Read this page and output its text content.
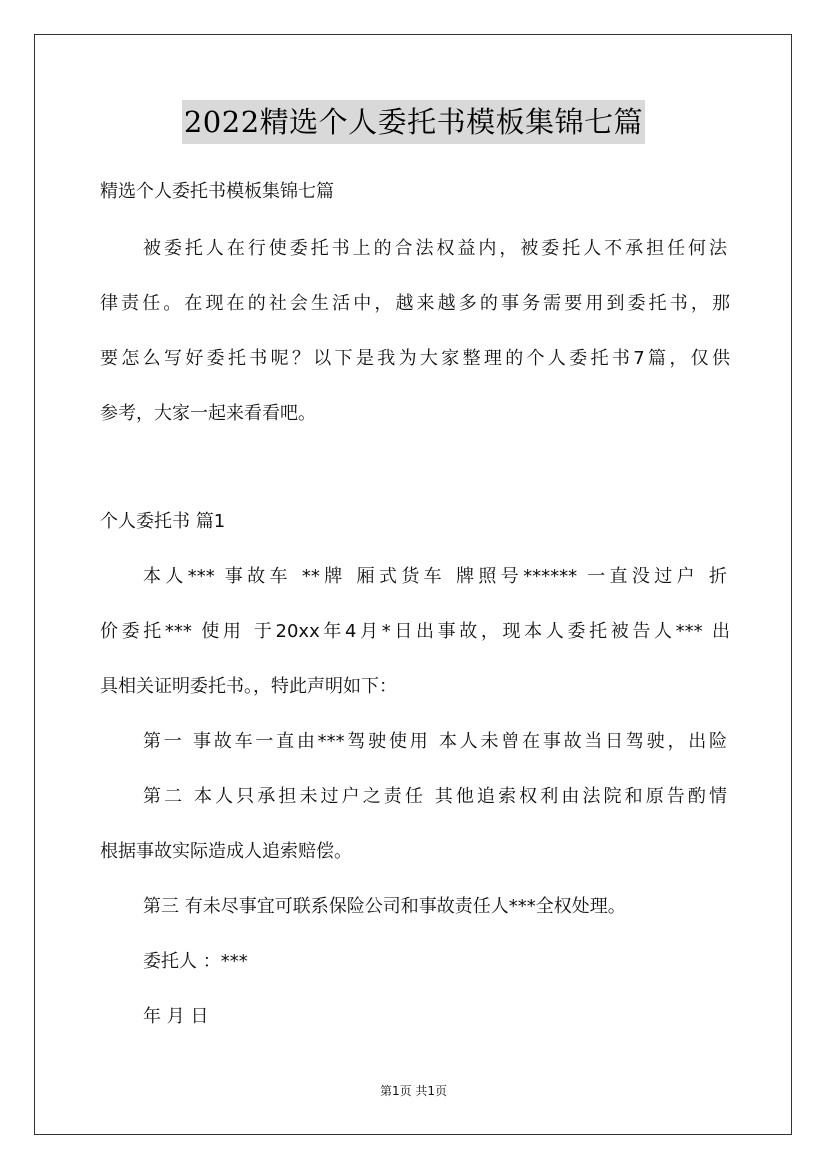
2022精选个人委托书模板集锦七篇
精选个人委托书模板集锦七篇
被委托人在行使委托书上的合法权益内，被委托人不承担任何法
律责任。在现在的社会生活中，越来越多的事务需要用到委托书，那
要怎么写好委托书呢？以下是我为大家整理的个人委托书7篇，仅供
参考，大家一起来看看吧。
个人委托书 篇1
本人*** 事故车 **牌 厢式货车 牌照号****** 一直没过户 折
价委托*** 使用 于20xx年4月*日出事故，现本人委托被告人*** 出
具相关证明委托书。，特此声明如下：
第一 事故车一直由***驾驶使用 本人未曾在事故当日驾驶，出险
第二 本人只承担未过户之责任 其他追索权利由法院和原告酌情
根据事故实际造成人追索赔偿。
第三 有未尽事宜可联系保险公司和事故责任人***全权处理。
委托人 ：***
年 月 日
第1页 共1页
